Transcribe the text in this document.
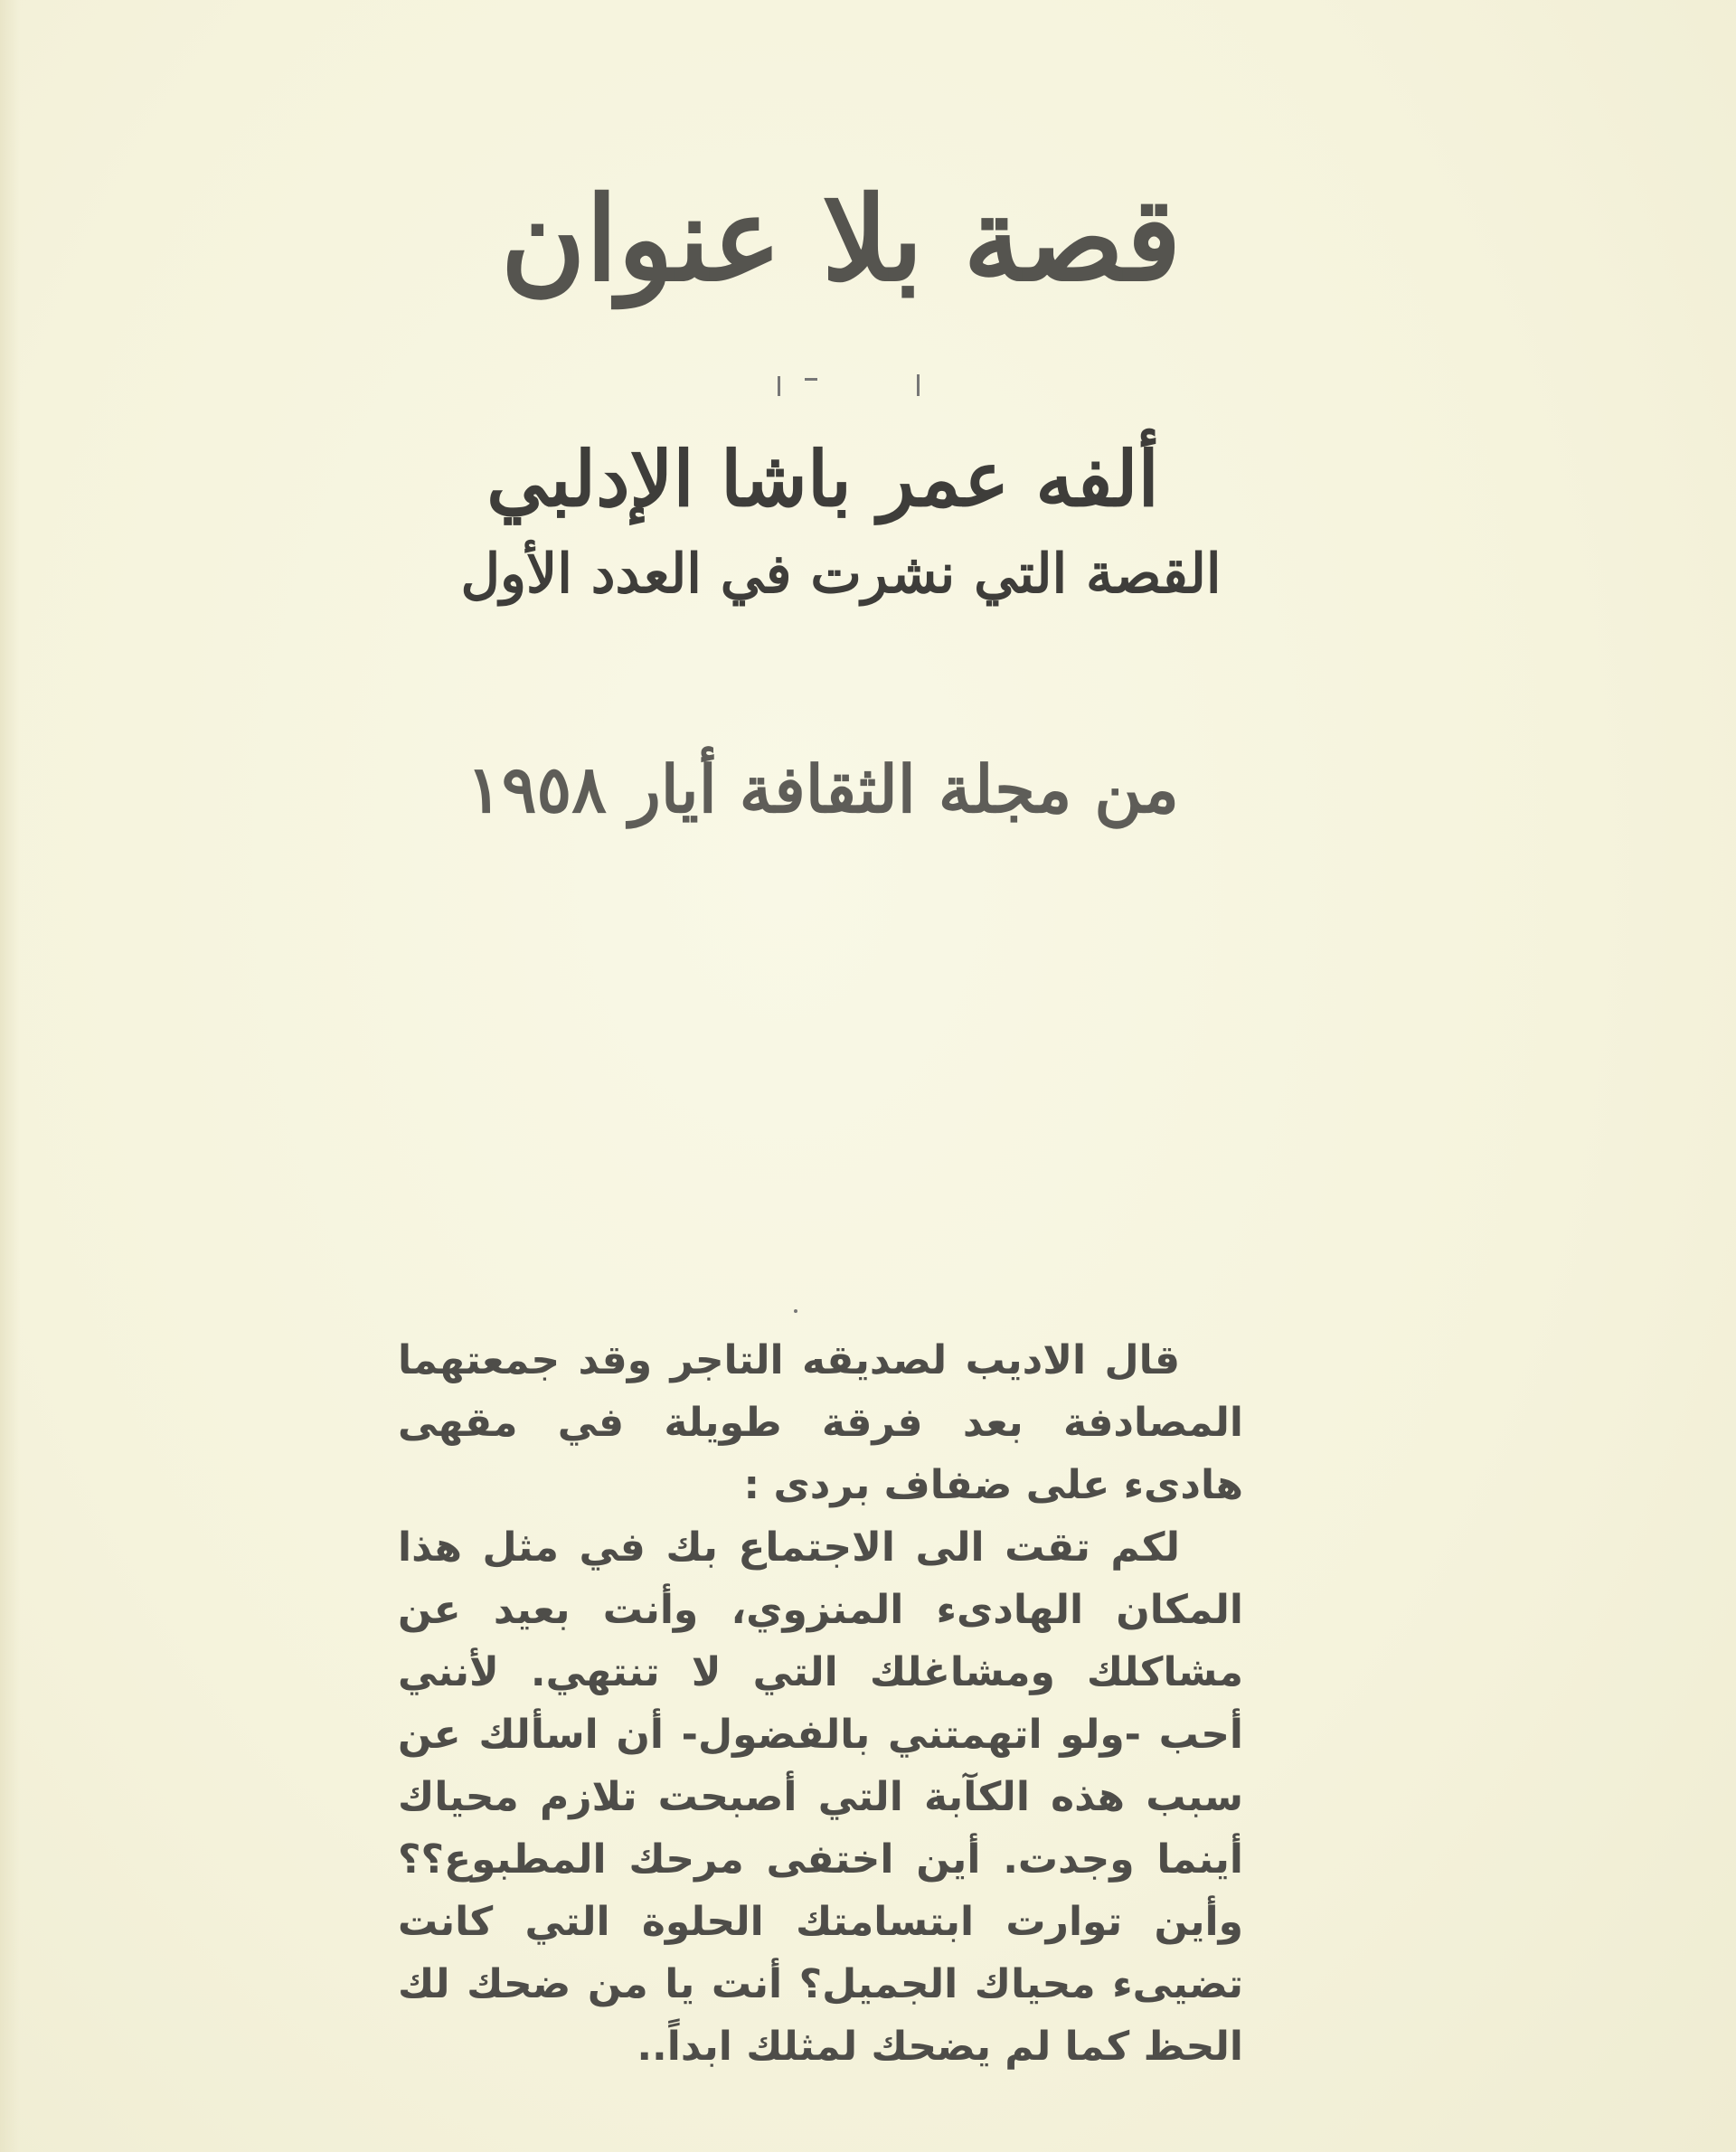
قصة بلا عنوان
ألفه عمر باشا الإدلبي
القصة التي نشرت في العدد الأول
من مجلة الثقافة أيار ١٩٥٨

قال الاديب لصديقه التاجر وقد جمعتهما المصادفة بعد فرقة طويلة في مقهى هادىء على ضفاف بردى :

لكم تقت الى الاجتماع بك في مثل هذا المكان الهادىء المنزوي، وأنت بعيد عن مشاكلك ومشاغلك التي لا تنتهي. لأنني أحب -ولو اتهمتني بالفضول- أن اسألك عن سبب هذه الكآبة التي أصبحت تلازم محياك أينما وجدت. أين اختفى مرحك المطبوع؟؟ وأين توارت ابتسامتك الحلوة التي كانت تضيىء محياك الجميل؟ أنت يا من ضحك لك الحظ كما لم يضحك لمثلك ابداً..
